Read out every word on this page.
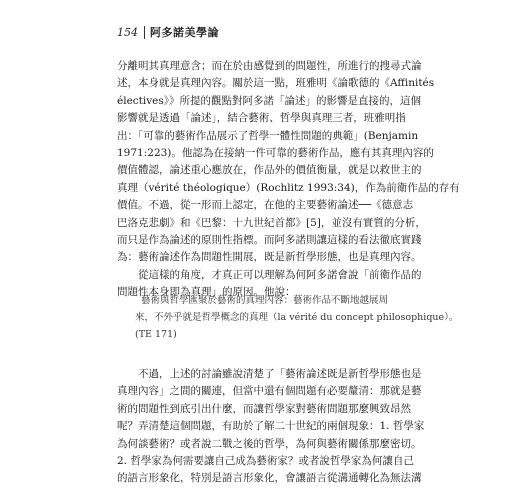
154 阿多諾美學論
分離明其真理意含；而在於由感覺到的問題性，所進行的搜尋式論
述，本身就是真理內容。關於這一點，班雅明《論歌德的《Affinités
électives》》所提的觀點對阿多諾「論述」的影響是直接的，這個
影響就是透過「論述」，結合藝術、哲學與真理三者，班雅明指
出：「可靠的藝術作品展示了哲學一體性問題的典範」(Benjamin
1971:223)。他認為在接納一件可靠的藝術作品，應有其真理內容的
價值體認，論述重心應放在，作品外的價值衡量，就是以救世主的
真理（vérité théologique）(Rochlitz 1993:34)，作為前衛作品的存有
價值。不過，從一形而上認定，在他的主要藝術論述──《德意志
巴洛克悲劇》和《巴黎：十九世紀首都》[5]，並沒有實質的分析，
而只是作為論述的原則性指標。而阿多諾則讓這樣的看法徹底實踐
為：藝術論述作為問題性開展，既是新哲學形態，也是真理內容。
從這樣的角度，才真正可以理解為何阿多諾會說「前衛作品的
問題性本身即為真理」的原因。他說：
藝術與哲學匯聚於藝術的真理內容：藝術作品不斷地越展周
來，不外乎就是哲學概念的真理（la vérité du concept philosophique）。
(TE 171)
不過，上述的討論雖說清楚了「藝術論述既是新哲學形態也是
真理內容」之間的關連，但當中還有個問題有必要釐清：那就是藝
術的問題性到底引出什麼，而讓哲學家對藝術問題那麼興致昂然
呢？弄清楚這個問題，有助於了解二十世紀的兩個現象：1. 哲學家
為何談藝術？或者說二戰之後的哲學，為何與藝術關係那麼密切。
2. 哲學家為何需要讓自己成為藝術家？或者說哲學家為何讓自己
的語言形象化，特別是語言形象化，會讓語言從溝通轉化為無法溝
